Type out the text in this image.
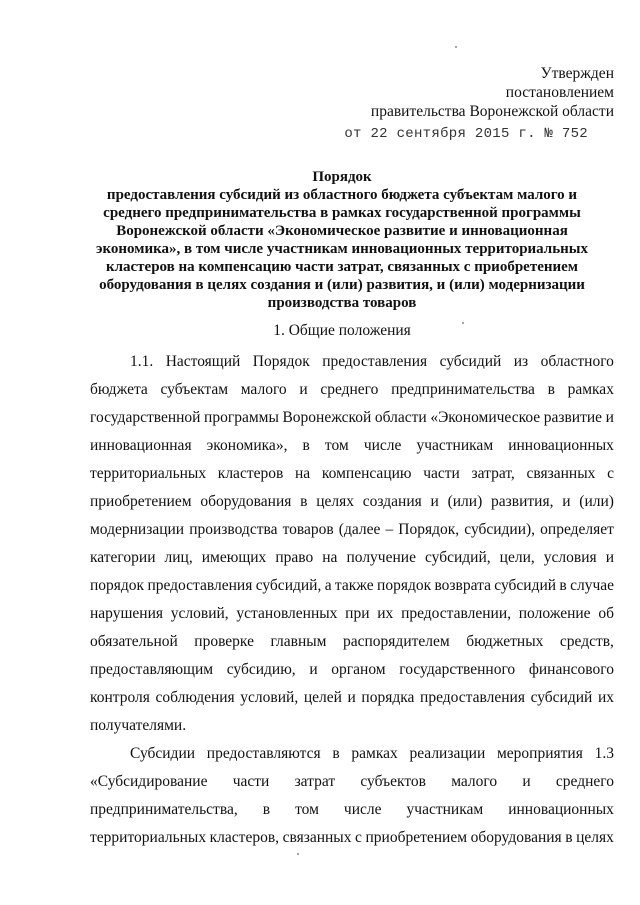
Утвержден
постановлением
правительства Воронежской области
от 22 сентября 2015 г. № 752
Порядок
предоставления субсидий из областного бюджета субъектам малого и
среднего предпринимательства в рамках государственной программы
Воронежской области «Экономическое развитие и инновационная
экономика», в том числе участникам инновационных территориальных
кластеров на компенсацию части затрат, связанных с приобретением
оборудования в целях создания и (или) развития, и (или) модернизации
производства товаров
1. Общие положения
1.1. Настоящий Порядок предоставления субсидий из областного
бюджета субъектам малого и среднего предпринимательства в рамках
государственной программы Воронежской области «Экономическое развитие и
инновационная экономика», в том числе участникам инновационных
территориальных кластеров на компенсацию части затрат, связанных с
приобретением оборудования в целях создания и (или) развития, и (или)
модернизации производства товаров (далее – Порядок, субсидии), определяет
категории лиц, имеющих право на получение субсидий, цели, условия и
порядок предоставления субсидий, а также порядок возврата субсидий в случае
нарушения условий, установленных при их предоставлении, положение об
обязательной проверке главным распорядителем бюджетных средств,
предоставляющим субсидию, и органом государственного финансового
контроля соблюдения условий, целей и порядка предоставления субсидий их
получателями.
Субсидии предоставляются в рамках реализации мероприятия 1.3
«Субсидирование части затрат субъектов малого и среднего
предпринимательства, в том числе участникам инновационных
территориальных кластеров, связанных с приобретением оборудования в целях
